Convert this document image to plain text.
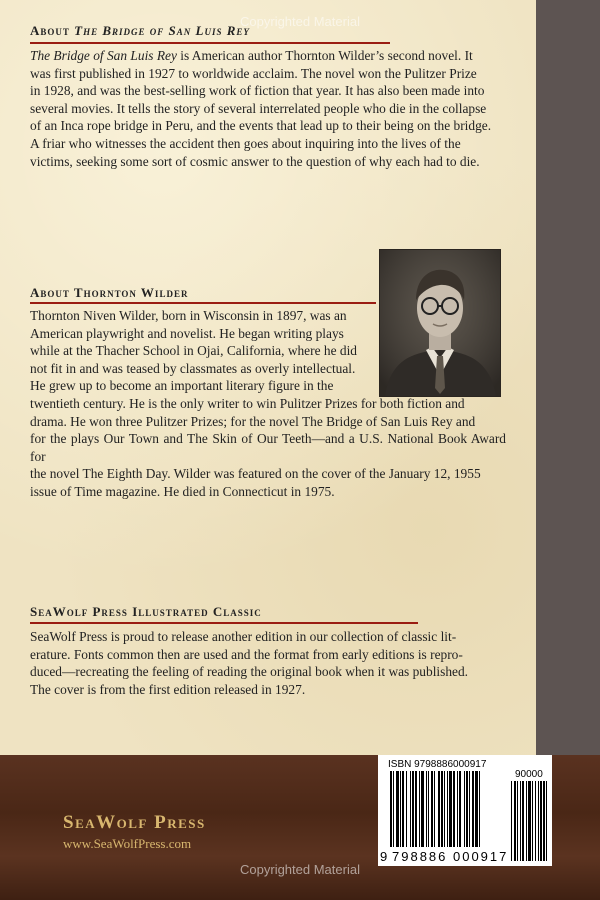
Copyrighted Material
About The Bridge of San Luis Rey
The Bridge of San Luis Rey is American author Thornton Wilder’s second novel. It
was first published in 1927 to worldwide acclaim. The novel won the Pulitzer Prize
in 1928, and was the best-selling work of fiction that year. It has also been made into
several movies. It tells the story of several interrelated people who die in the collapse
of an Inca rope bridge in Peru, and the events that lead up to their being on the bridge.
A friar who witnesses the accident then goes about inquiring into the lives of the
victims, seeking some sort of cosmic answer to the question of why each had to die.
About Thornton Wilder
Thornton Niven Wilder, born in Wisconsin in 1897, was an
American playwright and novelist. He began writing plays
while at the Thacher School in Ojai, California, where he did
not fit in and was teased by classmates as overly intellectual.
He grew up to become an important literary figure in the
twentieth century. He is the only writer to win Pulitzer Prizes for both fiction and
drama. He won three Pulitzer Prizes; for the novel The Bridge of San Luis Rey and
for the plays Our Town and The Skin of Our Teeth—and a U.S. National Book Award for
the novel The Eighth Day. Wilder was featured on the cover of the January 12, 1955
issue of Time magazine. He died in Connecticut in 1975.
SeaWolf Press Illustrated Classic
SeaWolf Press is proud to release another edition in our collection of classic lit-
erature. Fonts common then are used and the format from early editions is repro-
duced—recreating the feeling of reading the original book when it was published.
The cover is from the first edition released in 1927.
SeaWolf Press
www.SeaWolfPress.com
ISBN 9798886000917
90000
9 798886 000917
Copyrighted Material
